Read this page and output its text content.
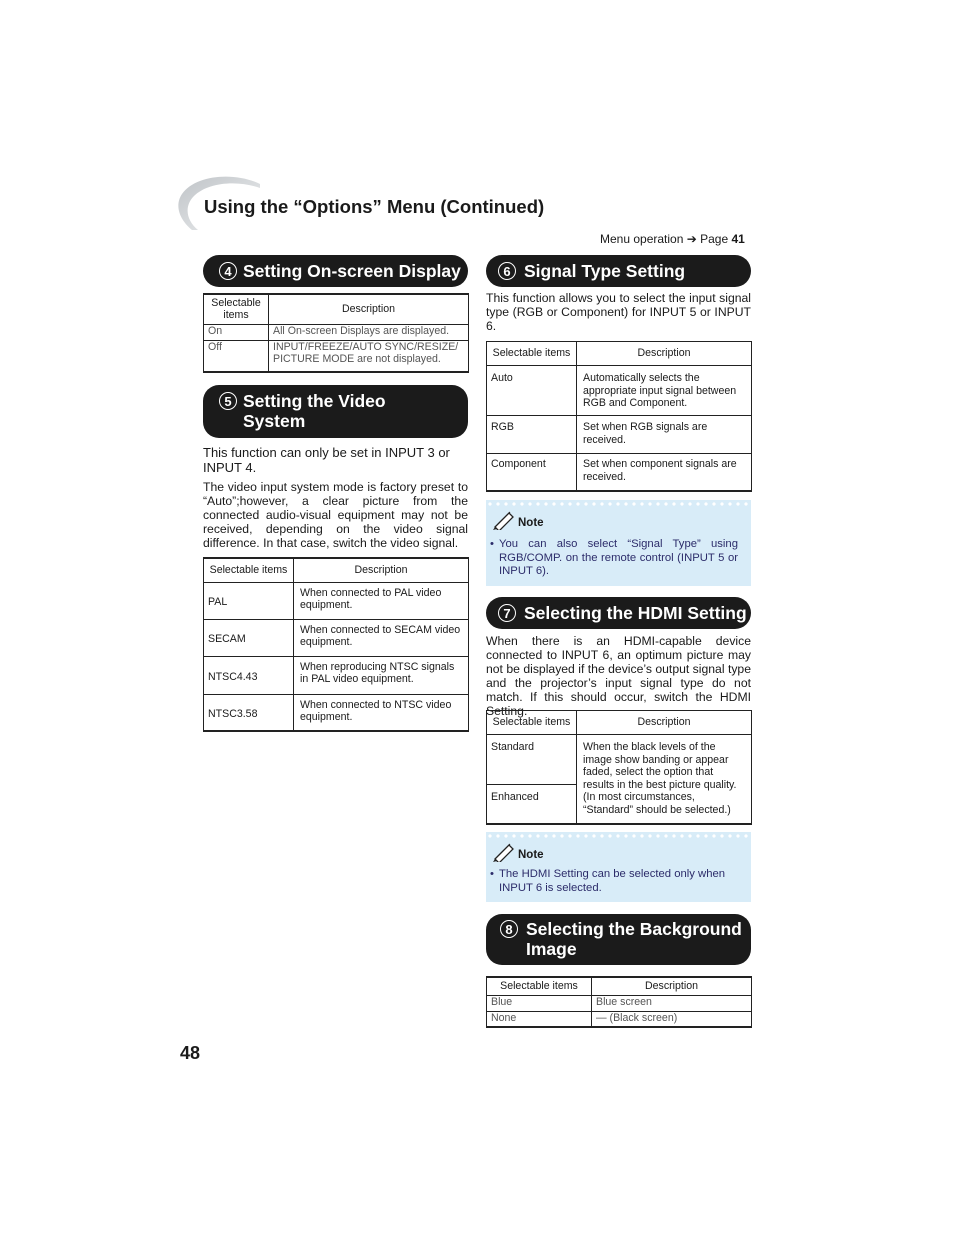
Using the “Options” Menu (Continued)
Menu operation ➔ Page 41
4 Setting On-screen Display
Selectable items	Description
On	All On-screen Displays are displayed.
Off	INPUT/FREEZE/AUTO SYNC/RESIZE/ PICTURE MODE are not displayed.
5 Setting the Video
System
This function can only be set in INPUT 3 or INPUT 4.
The video input system mode is factory preset to “Auto”;however, a clear picture from the connected audio-visual equipment may not be received, depending on the video signal difference. In that case, switch the video signal.
Selectable items	Description
PAL	When connected to PAL video equipment.
SECAM	When connected to SECAM video equipment.
NTSC4.43	When reproducing NTSC signals in PAL video equipment.
NTSC3.58	When connected to NTSC video equipment.
6 Signal Type Setting
This function allows you to select the input signal type (RGB or Component) for INPUT 5 or INPUT 6.
Selectable items	Description
Auto	Automatically selects the appropriate input signal between RGB and Component.
RGB	Set when RGB signals are received.
Component	Set when component signals are received.
Note
• You can also select “Signal Type” using RGB/COMP. on the remote control (INPUT 5 or INPUT 6).
7 Selecting the HDMI Setting
When there is an HDMI-capable device connected to INPUT 6, an optimum picture may not be displayed if the device’s output signal type and the projector’s input signal type do not match. If this should occur, switch the HDMI Setting.
Selectable items	Description
Standard	When the black levels of the image show banding or appear faded, select the option that results in the best picture quality. (In most circumstances, “Standard” should be selected.)
Enhanced	
Note
• The HDMI Setting can be selected only when INPUT 6 is selected.
8 Selecting the Background
Image
Selectable items	Description
Blue	Blue screen
None	— (Black screen)
48
